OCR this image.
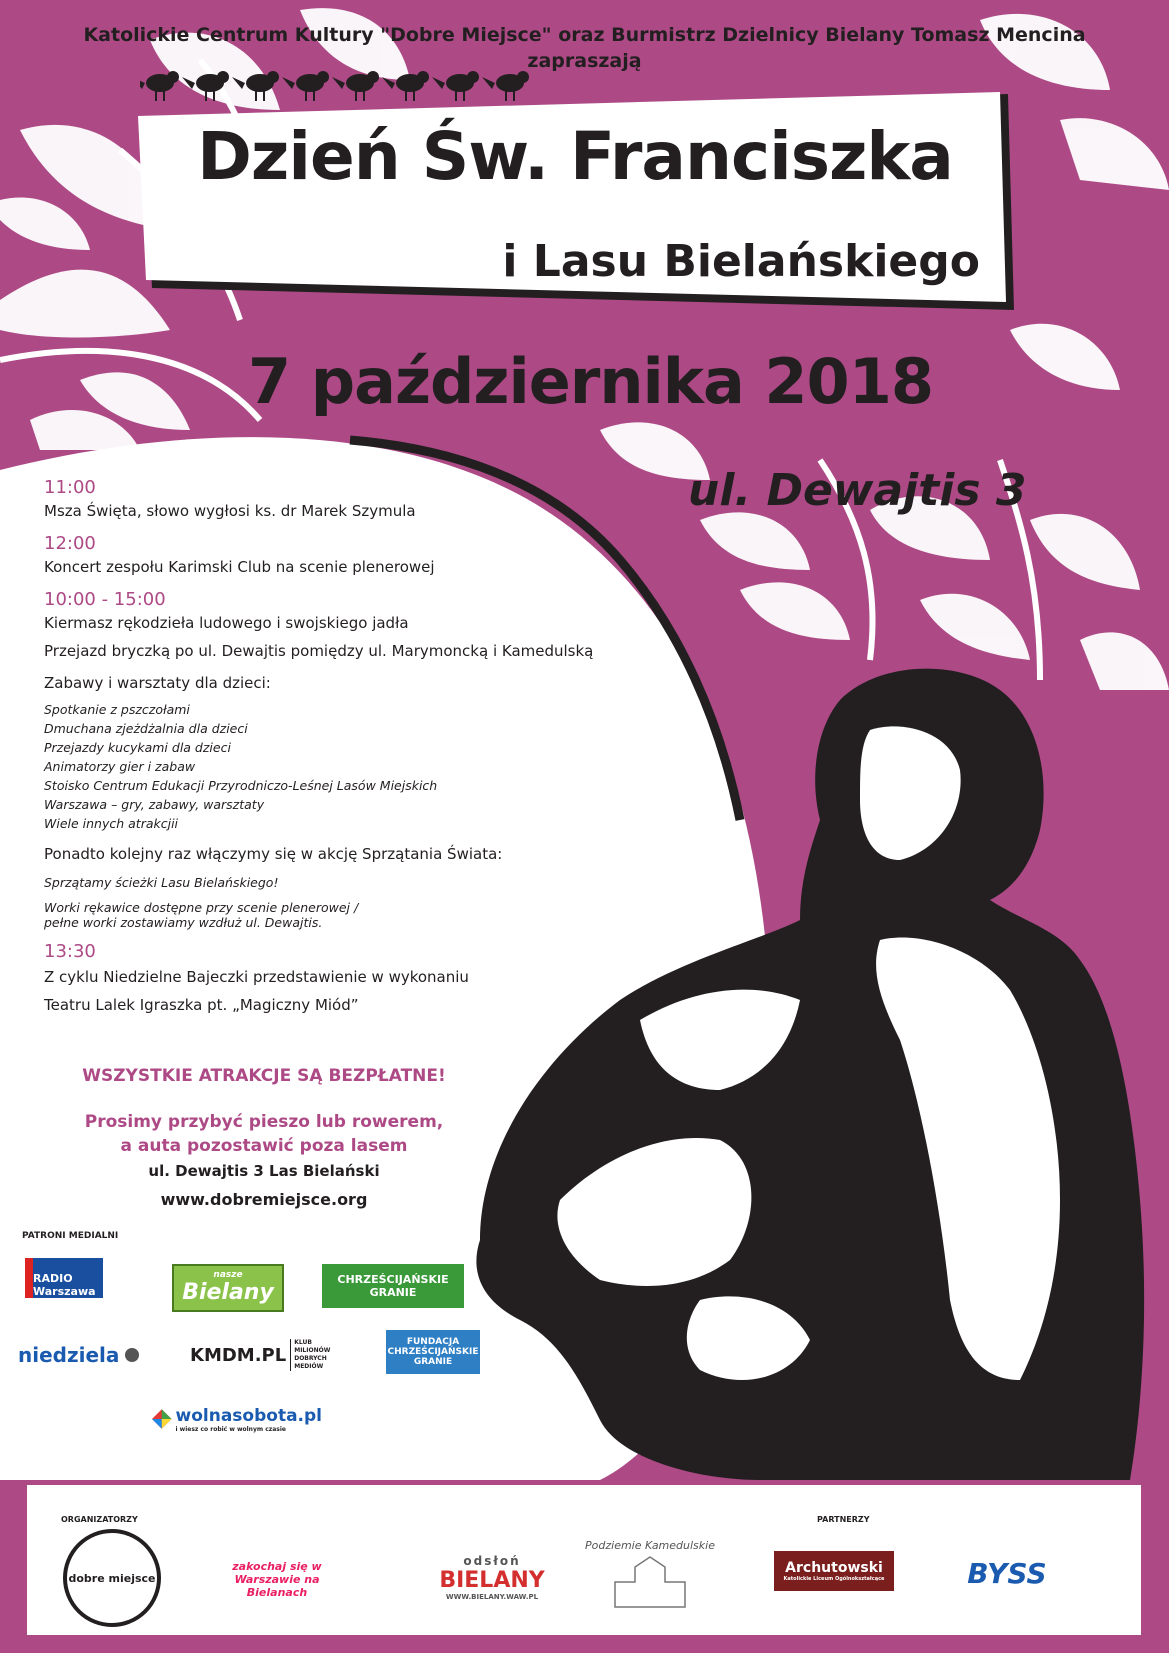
Katolickie Centrum Kultury "Dobre Miejsce" oraz Burmistrz Dzielnicy Bielany Tomasz Mencina
zapraszają
Dzień Św. Franciszka
i Lasu Bielańskiego
7 października 2018
ul. Dewajtis 3

11:00

Msza Święta, słowo wygłosi ks. dr Marek Szymula

12:00

Koncert zespołu Karimski Club na scenie plenerowej

10:00 - 15:00

Kiermasz rękodzieła ludowego i swojskiego jadła

Przejazd bryczką po ul. Dewajtis pomiędzy ul. Marymoncką i Kamedulską

Zabawy i warsztaty dla dzieci:

Spotkanie z pszczołami

Dmuchana zjeżdżalnia dla dzieci

Przejazdy kucykami dla dzieci

Animatorzy gier i zabaw

Stoisko Centrum Edukacji Przyrodniczo-Leśnej Lasów Miejskich

Warszawa – gry, zabawy, warsztaty

Wiele innych atrakcjii

Ponadto kolejny raz włączymy się w akcję Sprzątania Świata:

Sprzątamy ścieżki Lasu Bielańskiego!

Worki rękawice dostępne przy scenie plenerowej /

pełne worki zostawiamy wzdłuż ul. Dewajtis.

13:30

Z cyklu Niedzielne Bajeczki przedstawienie w wykonaniu

Teatru Lalek Igraszka pt. „Magiczny Miód”

WSZYSTKIE ATRAKCJE SĄ BEZPŁATNE!
Prosimy przybyć pieszo lub rowerem,
a auta pozostawić poza lasem
ul. Dewajtis 3 Las Bielański
www.dobremiejsce.org
PATRONI MEDIALNI
RADIO Warszawa
nasze
Bielany
CHRZEŚCIJAŃSKIE GRANIE
niedziela	KMDM.PL
KLUB MILIONÓW DOBRYCH MEDIÓW
FUNDACJA CHRZEŚCIJAŃSKIE GRANIE
wolnasobota.pl
i wiesz co robić w wolnym czasie
ORGANIZATORZY	PARTNERZY
dobre miejsce
zakochaj się w Warszawie na Bielanach
odsłoń
BIELANY
WWW.BIELANY.WAW.PL
Podziemie Kamedulskie
Archutowski
Katolickie Liceum Ogólnokształcące	BYSS
